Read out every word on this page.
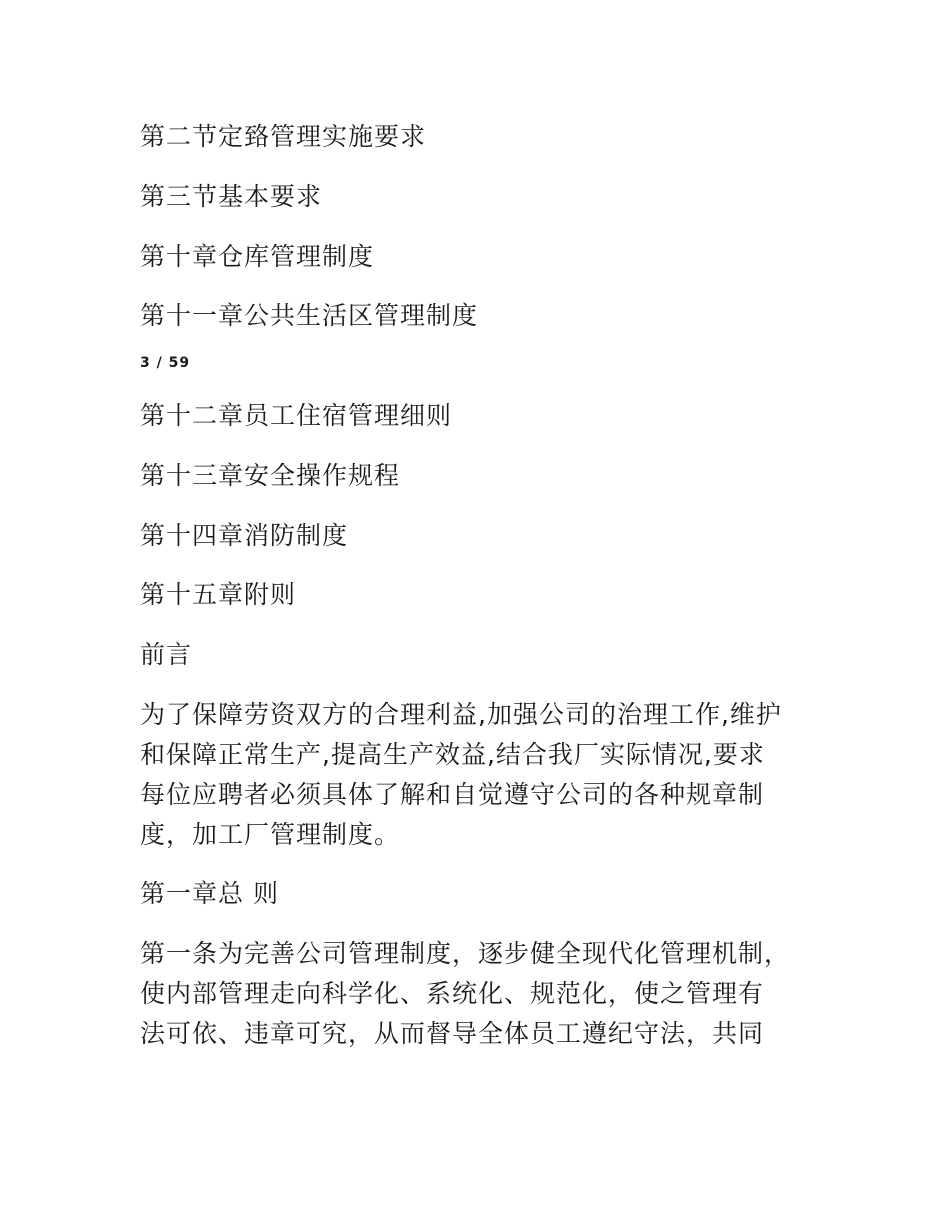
第二节定臵管理实施要求
第三节基本要求
第十章仓库管理制度
第十一章公共生活区管理制度
3 / 59
第十二章员工住宿管理细则
第十三章安全操作规程
第十四章消防制度
第十五章附则
前言
为了保障劳资双方的合理利益,加强公司的治理工作,维护
和保障正常生产,提高生产效益,结合我厂实际情况,要求
每位应聘者必须具体了解和自觉遵守公司的各种规章制
度，加工厂管理制度。
第一章总 则
第一条为完善公司管理制度，逐步健全现代化管理机制，
使内部管理走向科学化、系统化、规范化，使之管理有
法可依、违章可究，从而督导全体员工遵纪守法，共同
